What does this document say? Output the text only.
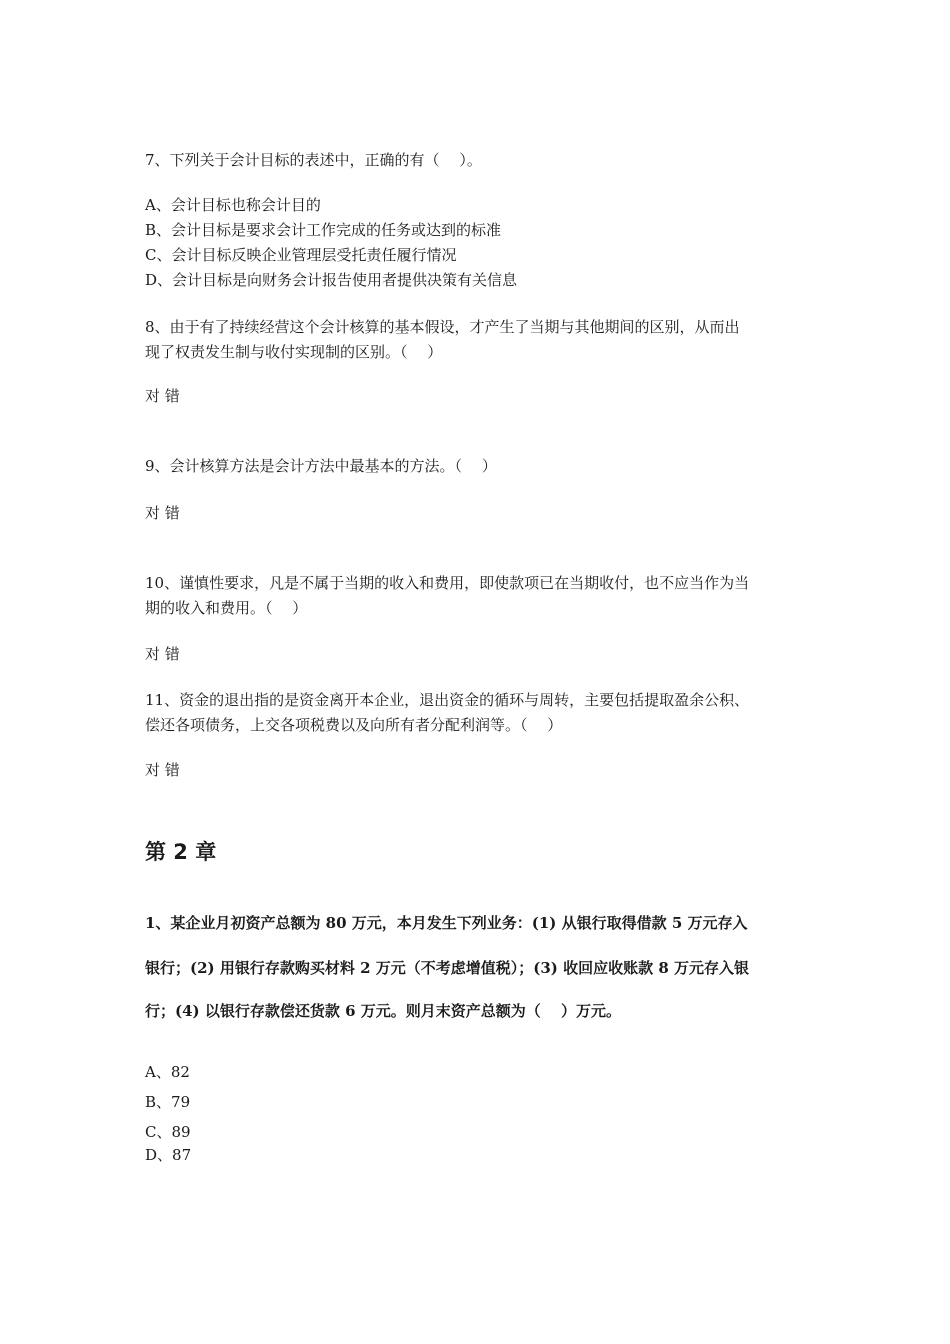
7、下列关于会计目标的表述中，正确的有（　 ）。
A、会计目标也称会计目的
B、会计目标是要求会计工作完成的任务或达到的标准
C、会计目标反映企业管理层受托责任履行情况
D、会计目标是向财务会计报告使用者提供决策有关信息
8、由于有了持续经营这个会计核算的基本假设，才产生了当期与其他期间的区别，从而出
现了权责发生制与收付实现制的区别。（　 ）
对 错
9、会计核算方法是会计方法中最基本的方法。（　 ）
对 错
10、谨慎性要求，凡是不属于当期的收入和费用，即使款项已在当期收付，也不应当作为当
期的收入和费用。（　 ）
对 错
11、资金的退出指的是资金离开本企业，退出资金的循环与周转，主要包括提取盈余公积、
偿还各项债务，上交各项税费以及向所有者分配利润等。（　 ）
对 错
第 2 章
1、某企业月初资产总额为 80 万元，本月发生下列业务：(1) 从银行取得借款 5 万元存入
银行；(2) 用银行存款购买材料 2 万元（不考虑增值税）；(3) 收回应收账款 8 万元存入银
行；(4) 以银行存款偿还货款 6 万元。则月末资产总额为（　 ）万元。
A、82
B、79
C、89
D、87
